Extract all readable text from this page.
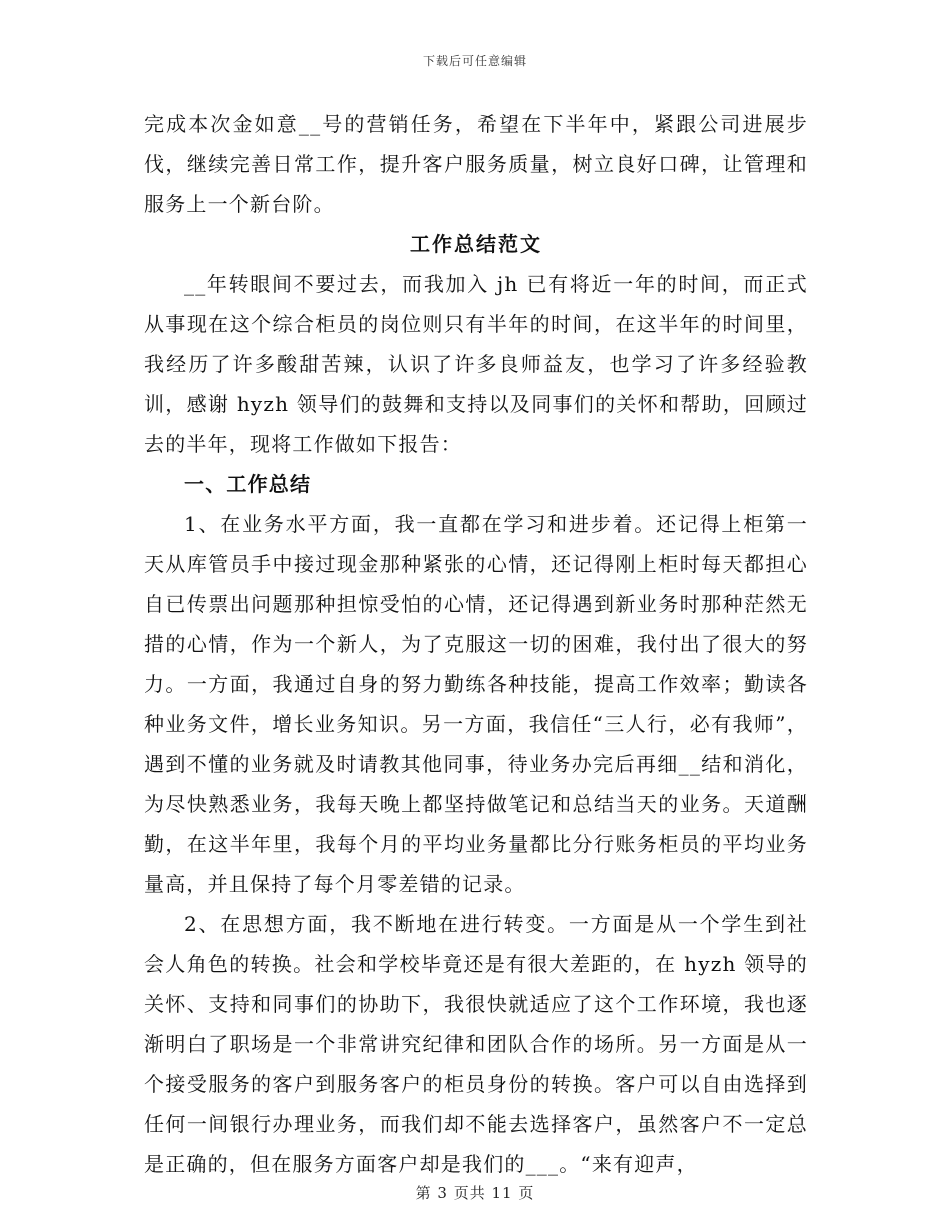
下载后可任意编辑

完成本次金如意__号的营销任务，希望在下半年中，紧跟公司进展步伐，继续完善日常工作，提升客户服务质量，树立良好口碑，让管理和服务上一个新台阶。

工作总结范文

__年转眼间不要过去，而我加入 jh 已有将近一年的时间，而正式从事现在这个综合柜员的岗位则只有半年的时间，在这半年的时间里，我经历了许多酸甜苦辣，认识了许多良师益友，也学习了许多经验教训，感谢 hyzh 领导们的鼓舞和支持以及同事们的关怀和帮助，回顾过去的半年，现将工作做如下报告：

一、工作总结

1、在业务水平方面，我一直都在学习和进步着。还记得上柜第一天从库管员手中接过现金那种紧张的心情，还记得刚上柜时每天都担心自已传票出问题那种担惊受怕的心情，还记得遇到新业务时那种茫然无措的心情，作为一个新人，为了克服这一切的困难，我付出了很大的努力。一方面，我通过自身的努力勤练各种技能，提高工作效率；勤读各种业务文件，增长业务知识。另一方面，我信任“三人行，必有我师”，遇到不懂的业务就及时请教其他同事，待业务办完后再细__结和消化，为尽快熟悉业务，我每天晚上都坚持做笔记和总结当天的业务。天道酬勤，在这半年里，我每个月的平均业务量都比分行账务柜员的平均业务量高，并且保持了每个月零差错的记录。

2、在思想方面，我不断地在进行转变。一方面是从一个学生到社会人角色的转换。社会和学校毕竟还是有很大差距的，在 hyzh 领导的关怀、支持和同事们的协助下，我很快就适应了这个工作环境，我也逐渐明白了职场是一个非常讲究纪律和团队合作的场所。另一方面是从一个接受服务的客户到服务客户的柜员身份的转换。客户可以自由选择到任何一间银行办理业务，而我们却不能去选择客户，虽然客户不一定总是正确的，但在服务方面客户却是我们的___。“来有迎声，

第 3 页共 11 页
